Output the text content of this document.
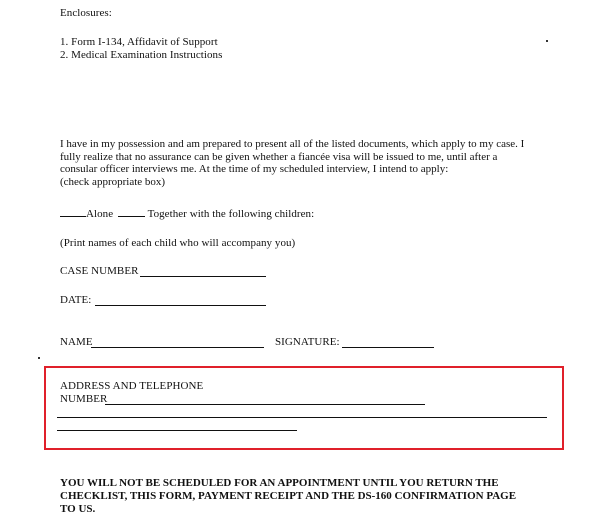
Enclosures:
1. Form I-134, Affidavit of Support
2. Medical Examination Instructions
I have in my possession and am prepared to present all of the listed documents, which apply to my case. I
fully realize that no assurance can be given whether a fiancée visa will be issued to me, until after a
consular officer interviews me. At the time of my scheduled interview, I intend to apply:
(check appropriate box)
Alone	Together with the following children:
(Print names of each child who will accompany you)
CASE NUMBER
DATE:
NAME	SIGNATURE:
ADDRESS AND TELEPHONE
NUMBER
YOU WILL NOT BE SCHEDULED FOR AN APPOINTMENT UNTIL YOU RETURN THE
CHECKLIST, THIS FORM, PAYMENT RECEIPT AND THE DS-160 CONFIRMATION PAGE
TO US.
